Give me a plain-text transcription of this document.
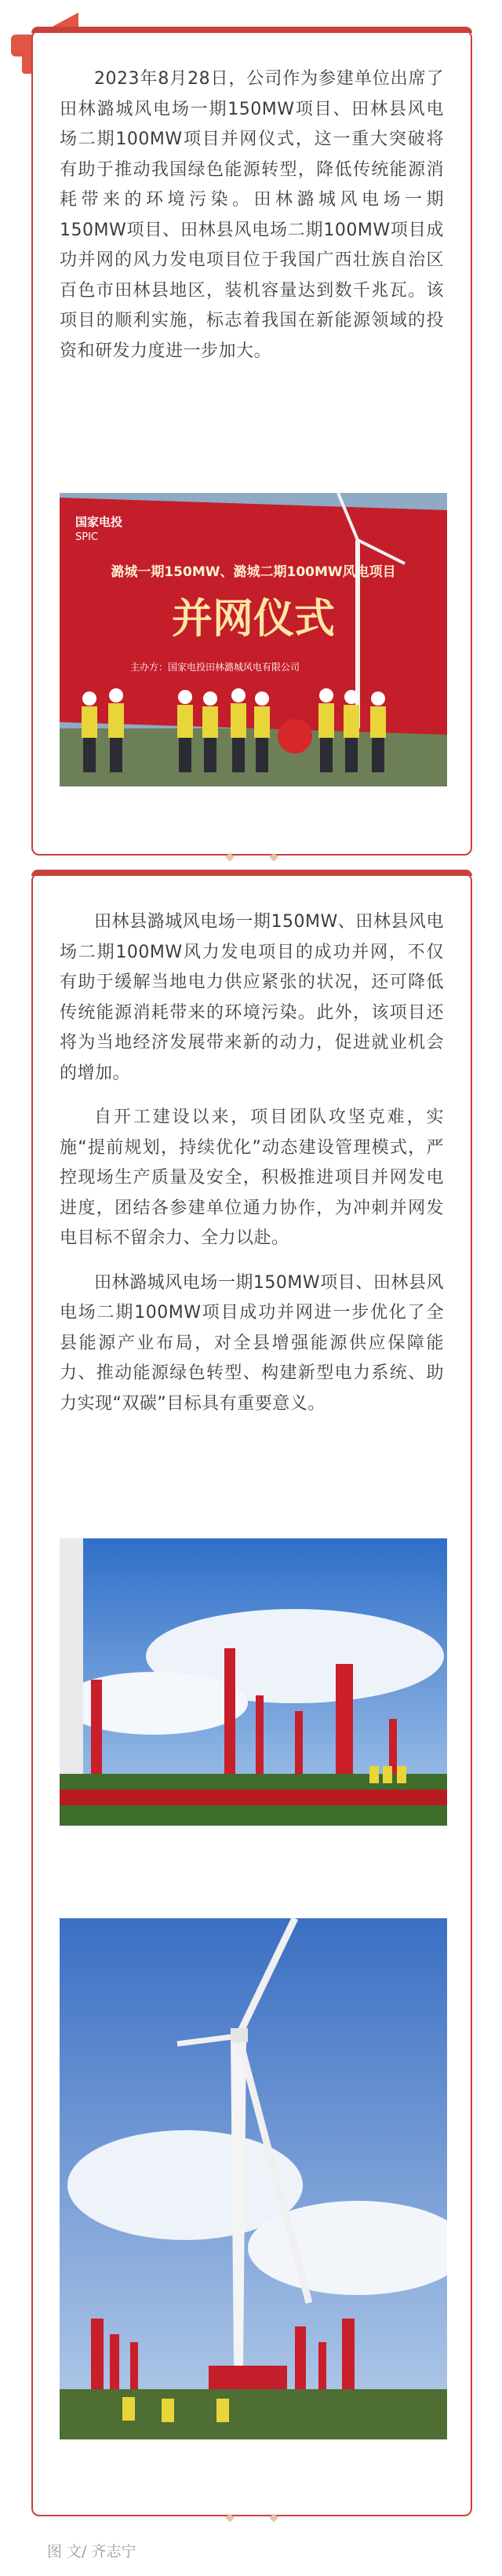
2023年8月28日，公司作为参建单位出席了田林潞城风电场一期150MW项目、田林县风电场二期100MW项目并网仪式，这一重大突破将有助于推动我国绿色能源转型，降低传统能源消耗带来的环境污染。田林潞城风电场一期150MW项目、田林县风电场二期100MW项目成功并网的风力发电项目位于我国广西壮族自治区百色市田林县地区，装机容量达到数千兆瓦。该项目的顺利实施，标志着我国在新能源领域的投资和研发力度进一步加大。

国家电投
SPIC
潞城一期150MW、潞城二期100MW风电项目
并网仪式
主办方：国家电投田林潞城风电有限公司

田林县潞城风电场一期150MW、田林县风电场二期100MW风力发电项目的成功并网，不仅有助于缓解当地电力供应紧张的状况，还可降低传统能源消耗带来的环境污染。此外，该项目还将为当地经济发展带来新的动力，促进就业机会的增加。

自开工建设以来，项目团队攻坚克难，实施“提前规划，持续优化”动态建设管理模式，严控现场生产质量及安全，积极推进项目并网发电进度，团结各参建单位通力协作，为冲刺并网发电目标不留余力、全力以赴。

田林潞城风电场一期150MW项目、田林县风电场二期100MW项目成功并网进一步优化了全县能源产业布局，对全县增强能源供应保障能力、推动能源绿色转型、构建新型电力系统、助力实现“双碳”目标具有重要意义。

图 文/ 齐志宁
